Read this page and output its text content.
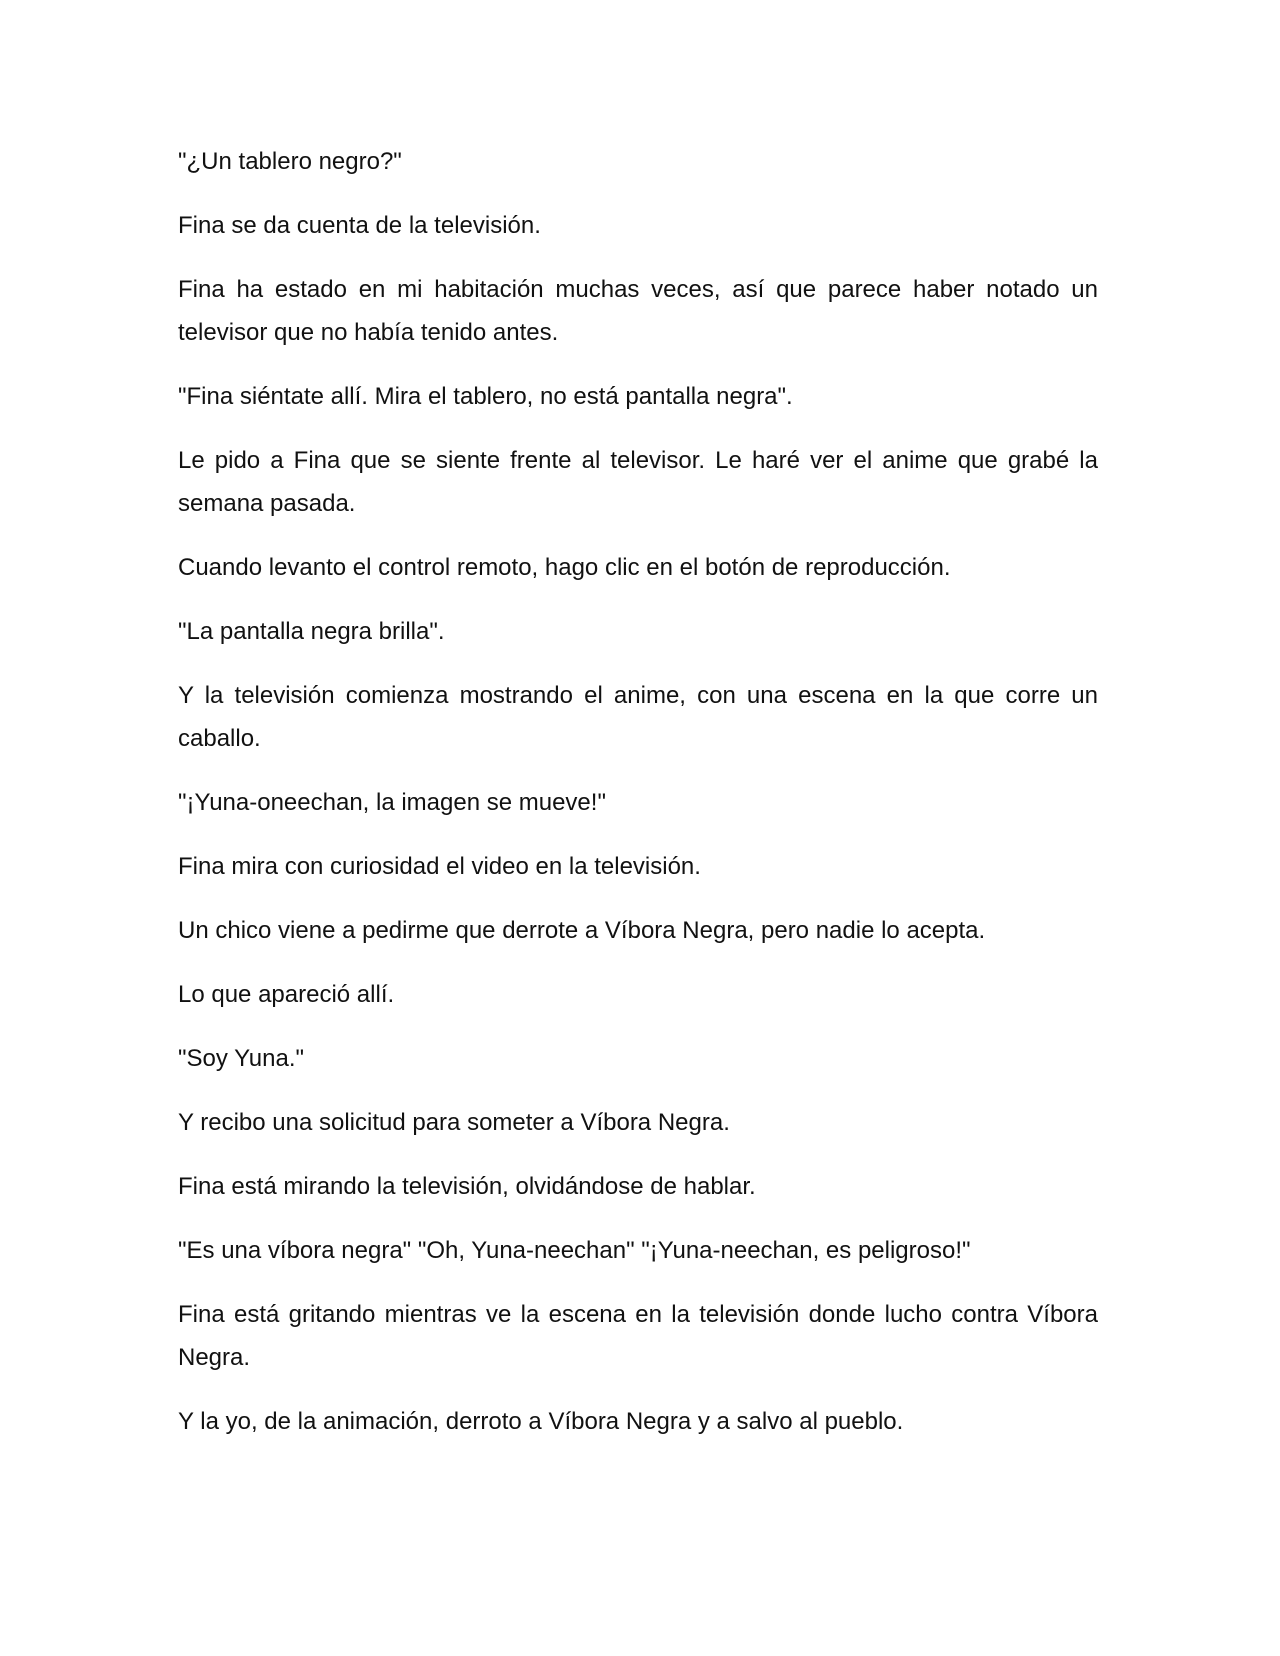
"¿Un tablero negro?"

Fina se da cuenta de la televisión.

Fina ha estado en mi habitación muchas veces, así que parece haber notado un televisor que no había tenido antes.

"Fina siéntate allí. Mira el tablero, no está pantalla negra".

Le pido a Fina que se siente frente al televisor. Le haré ver el anime que grabé la semana pasada.

Cuando levanto el control remoto, hago clic en el botón de reproducción.

"La pantalla negra brilla".

Y la televisión comienza mostrando el anime, con una escena en la que corre un caballo.

"¡Yuna-oneechan, la imagen se mueve!"

Fina mira con curiosidad el video en la televisión.

Un chico viene a pedirme que derrote a Víbora Negra, pero nadie lo acepta.

Lo que apareció allí.

"Soy Yuna."

Y recibo una solicitud para someter a Víbora Negra.

Fina está mirando la televisión, olvidándose de hablar.

"Es una víbora negra" "Oh, Yuna-neechan" "¡Yuna-neechan, es peligroso!"

Fina está gritando mientras ve la escena en la televisión donde lucho contra Víbora Negra.

Y la yo, de la animación, derroto a Víbora Negra y a salvo al pueblo.
